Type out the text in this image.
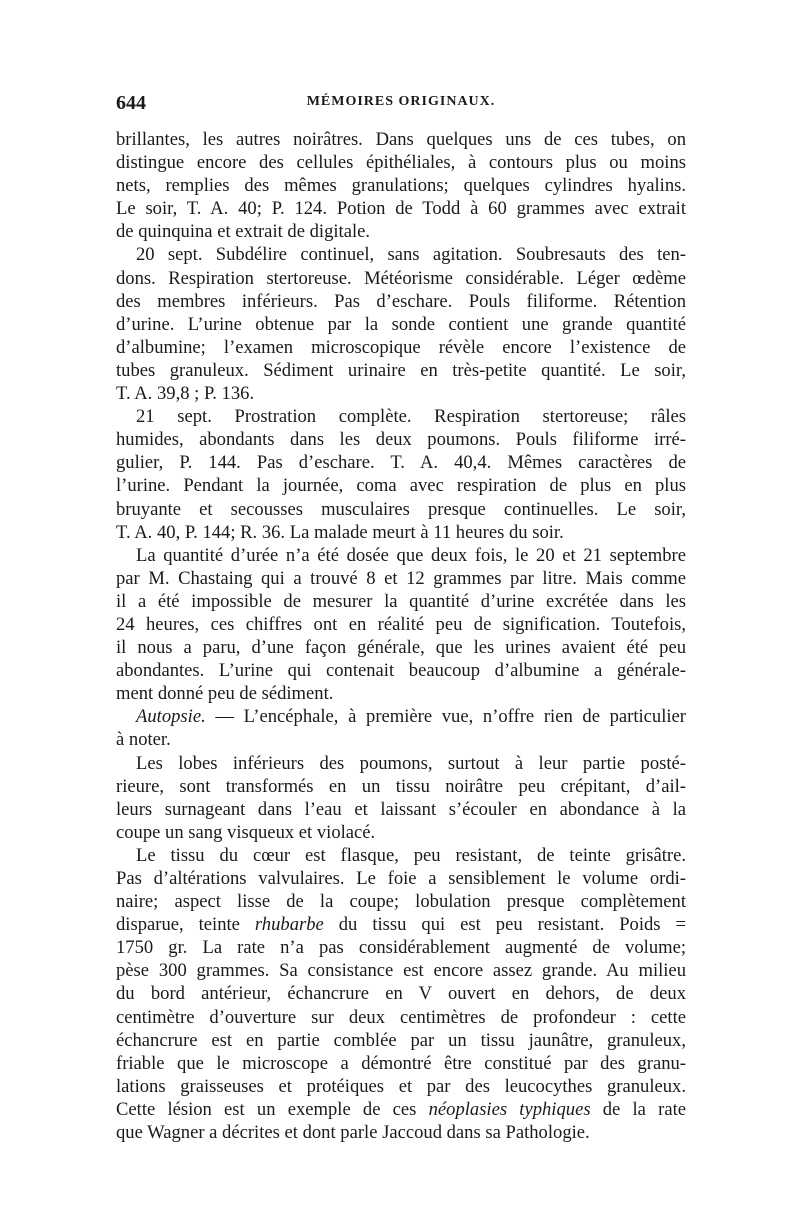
644	MÉMOIRES ORIGINAUX.
brillantes, les autres noirâtres. Dans quelques uns de ces tubes, on
distingue encore des cellules épithéliales, à contours plus ou moins
nets, remplies des mêmes granulations; quelques cylindres hyalins.
Le soir, T. A. 40; P. 124. Potion de Todd à 60 grammes avec extrait
de quinquina et extrait de digitale.
20 sept. Subdélire continuel, sans agitation. Soubresauts des ten-
dons. Respiration stertoreuse. Météorisme considérable. Léger œdème
des membres inférieurs. Pas d’eschare. Pouls filiforme. Rétention
d’urine. L’urine obtenue par la sonde contient une grande quantité
d’albumine; l’examen microscopique révèle encore l’existence de
tubes granuleux. Sédiment urinaire en très-petite quantité. Le soir,
T. A. 39,8 ; P. 136.
21 sept. Prostration complète. Respiration stertoreuse; râles
humides, abondants dans les deux poumons. Pouls filiforme irré-
gulier, P. 144. Pas d’eschare. T. A. 40,4. Mêmes caractères de
l’urine. Pendant la journée, coma avec respiration de plus en plus
bruyante et secousses musculaires presque continuelles. Le soir,
T. A. 40, P. 144; R. 36. La malade meurt à 11 heures du soir.
La quantité d’urée n’a été dosée que deux fois, le 20 et 21 septembre
par M. Chastaing qui a trouvé 8 et 12 grammes par litre. Mais comme
il a été impossible de mesurer la quantité d’urine excrétée dans les
24 heures, ces chiffres ont en réalité peu de signification. Toutefois,
il nous a paru, d’une façon générale, que les urines avaient été peu
abondantes. L’urine qui contenait beaucoup d’albumine a générale-
ment donné peu de sédiment.
Autopsie. — L’encéphale, à première vue, n’offre rien de particulier
à noter.
Les lobes inférieurs des poumons, surtout à leur partie posté-
rieure, sont transformés en un tissu noirâtre peu crépitant, d’ail-
leurs surnageant dans l’eau et laissant s’écouler en abondance à la
coupe un sang visqueux et violacé.
Le tissu du cœur est flasque, peu resistant, de teinte grisâtre.
Pas d’altérations valvulaires. Le foie a sensiblement le volume ordi-
naire; aspect lisse de la coupe; lobulation presque complètement
disparue, teinte rhubarbe du tissu qui est peu resistant. Poids =
1750 gr. La rate n’a pas considérablement augmenté de volume;
pèse 300 grammes. Sa consistance est encore assez grande. Au milieu
du bord antérieur, échancrure en V ouvert en dehors, de deux
centimètre d’ouverture sur deux centimètres de profondeur : cette
échancrure est en partie comblée par un tissu jaunâtre, granuleux,
friable que le microscope a démontré être constitué par des granu-
lations graisseuses et protéiques et par des leucocythes granuleux.
Cette lésion est un exemple de ces néoplasies typhiques de la rate
que Wagner a décrites et dont parle Jaccoud dans sa Pathologie.
